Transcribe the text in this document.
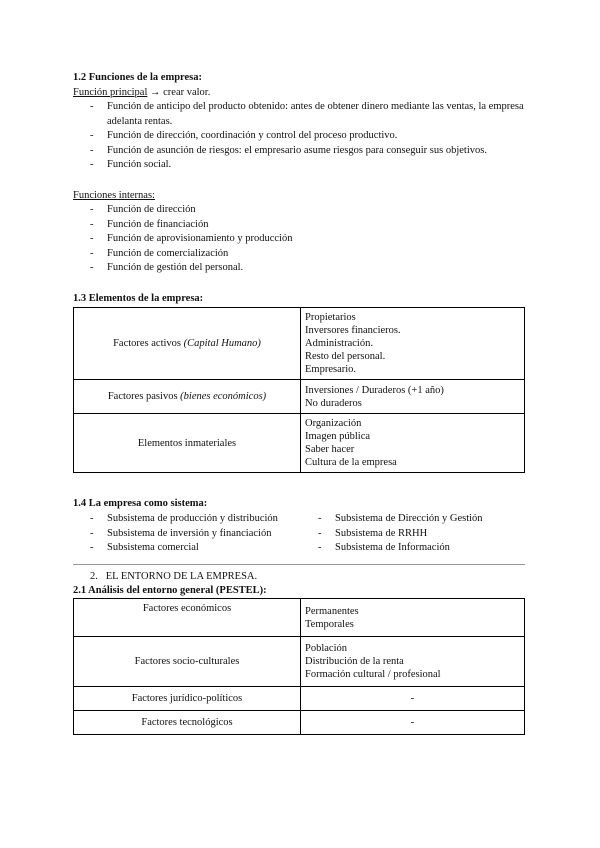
1.2 Funciones de la empresa:
Función principal → crear valor.
- Función de anticipo del producto obtenido: antes de obtener dinero mediante las ventas, la empresa adelanta rentas.
- Función de dirección, coordinación y control del proceso productivo.
- Función de asunción de riesgos: el empresario asume riesgos para conseguir sus objetivos.
- Función social.
Funciones internas:
- Función de dirección
- Función de financiación
- Función de aprovisionamiento y producción
- Función de comercialización
- Función de gestión del personal.
1.3 Elementos de la empresa:
Factores activos (Capital Humano)	Propietarios
Inversores financieros.
Administración.
Resto del personal.
Empresario.

Factores pasivos (bienes económicos)	Inversiones / Duraderos (+1 año)
No duraderos

Elementos inmateriales	Organización
Imagen pública
Saber hacer
Cultura de la empresa
1.4 La empresa como sistema:
- Subsistema de producción y distribución
- Subsistema de inversión y financiación
- Subsistema comercial
- Subsistema de Dirección y Gestión
- Subsistema de RRHH
- Subsistema de Información
2. EL ENTORNO DE LA EMPRESA.
2.1 Análisis del entorno general (PESTEL):
Factores económicos	Permanentes
Temporales

Factores socio-culturales	Población
Distribución de la renta
Formación cultural / profesional

Factores jurídico-políticos	-
Factores tecnológicos	-
